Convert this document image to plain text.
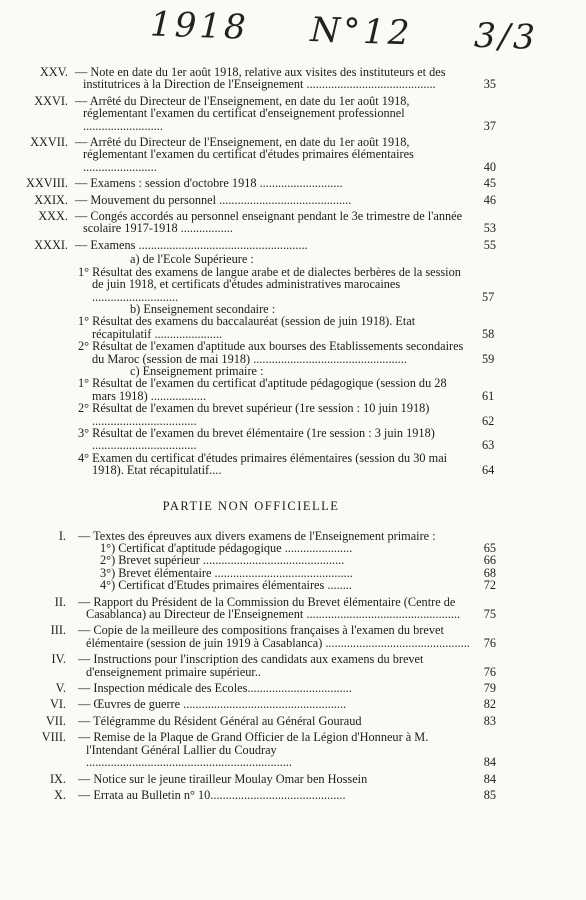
1918 N°12 3/3
XXV. — Note en date du 1er août 1918, relative aux visites des instituteurs et des institutrices à la Direction de l'Enseignement ..........................................	35
XXVI. — Arrêté du Directeur de l'Enseignement, en date du 1er août 1918, réglementant l'examen du certificat d'enseignement professionnel ..........................	37
XXVII. — Arrêté du Directeur de l'Enseignement, en date du 1er août 1918, réglementant l'examen du certificat d'études primaires élémentaires ........................	40
XXVIII. — Examens : session d'octobre 1918 ...........................	45
XXIX. — Mouvement du personnel ...........................................	46
XXX. — Congés accordés au personnel enseignant pendant le 3e trimestre de l'année scolaire 1917-1918 .................	53
XXXI. — Examens .......................................................	55
a) de l'Ecole Supérieure :
1° Résultat des examens de langue arabe et de dialectes berbères de la session de juin 1918, et certificats d'études administratives marocaines ............................	57
b) Enseignement secondaire :
1° Résultat des examens du baccalauréat (session de juin 1918). Etat récapitulatif ......................	58
2° Résultat de l'examen d'aptitude aux bourses des Etablissements secondaires du Maroc (session de mai 1918) ..................................................	59
c) Enseignement primaire :
1° Résultat de l'examen du certificat d'aptitude pédagogique (session du 28 mars 1918) ..................	61
2° Résultat de l'examen du brevet supérieur (1re session : 10 juin 1918) ..................................	62
3° Résultat de l'examen du brevet élémentaire (1re session : 3 juin 1918) ..................................	63
4° Examen du certificat d'études primaires élémentaires (session du 30 mai 1918). Etat récapitulatif....	64
PARTIE NON OFFICIELLE
I. — Textes des épreuves aux divers examens de l'Enseignement primaire :
1°) Certificat d'aptitude pédagogique ......................	65
2°) Brevet supérieur ..............................................	66
3°) Brevet élémentaire .............................................	68
4°) Certificat d'Etudes primaires élémentaires ........	72
II. — Rapport du Président de la Commission du Brevet élémentaire (Centre de Casablanca) au Directeur de l'Enseignement .................................................. 75
III. — Copie de la meilleure des compositions françaises à l'examen du brevet élémentaire (session de juin 1919 à Casablanca) ............................................... 76
IV. — Instructions pour l'inscription des candidats aux examens du brevet d'enseignement primaire supérieur..	76
V. — Inspection médicale des Ecoles..................................	79
VI. — Œuvres de guerre .....................................................	82
VII. — Télégramme du Résident Général au Général Gouraud	83
VIII. — Remise de la Plaque de Grand Officier de la Légion d'Honneur à M. l'Intendant Général Lallier du Coudray ...................................................................	84
IX. — Notice sur le jeune tirailleur Moulay Omar ben Hossein	84
X. — Errata au Bulletin n° 10............................................	85
